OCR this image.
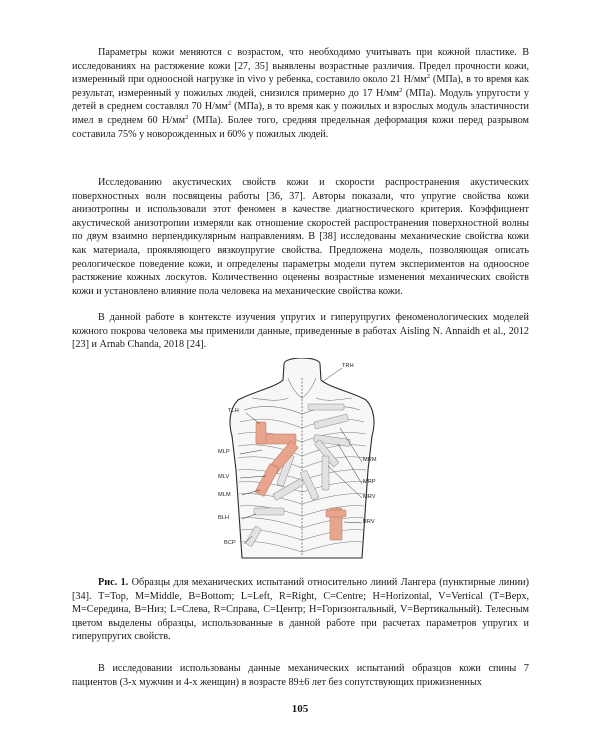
Параметры кожи меняются с возрастом, что необходимо учитывать при кожной пластике. В исследованиях на растяжение кожи [27, 35] выявлены возрастные различия. Предел прочности кожи, измеренный при одноосной нагрузке in vivo у ребенка, составило около 21 $Н/мм^2$ (МПа), в то время как результат, измеренный у пожилых людей, снизился примерно до 17 $Н/мм^2$ (МПа). Модуль упругости у детей в среднем составлял 70 $Н/мм^2$ (МПа), в то время как у пожилых и взрослых модуль эластичности имел в среднем 60 $Н/мм^2$ (МПа). Более того, средняя предельная деформация кожи перед разрывом составила 75% у новорожденных и 60% у пожилых людей.

Исследованию акустических свойств кожи и скорости распространения акустических поверхностных волн посвящены работы [36, 37]. Авторы показали, что упругие свойства кожи анизотропны и использовали этот феномен в качестве диагностического критерия. Коэффициент акустической анизотропии измеряли как отношение скоростей распространения поверхностной волны по двум взаимно перпендикулярным направлениям. В [38] исследованы механические свойства кожи как материала, проявляющего вязкоупругие свойства. Предложена модель, позволяющая описать реологическое поведение кожи, и определены параметры модели путем экспериментов на одноосное растяжение кожных лоскутов. Количественно оценены возрастные изменения механических свойств кожи и установлено влияние пола человека на механические свойства кожи.

В данной работе в контексте изучения упругих и гиперупругих феноменологических моделей кожного покрова человека мы применили данные, приведенные в работах Aisling N. Annaidh et al., 2012 [23] и Arnab Chanda, 2018 [24].

TLH
MLP
MLV
MLM
BLH
BCP
TRH
MRM
MRP
MRV
BRV

Рис. 1. Образцы для механических испытаний относительно линий Лангера (пунктирные линии) [34]. T=Top, M=Middle, B=Bottom; L=Left, R=Right, C=Centre; H=Horizontal, V=Vertical (T=Верх, M=Середина, B=Низ; L=Слева, R=Справа, C=Центр; H=Горизонтальный, V=Вертикальный). Телесным цветом выделены образцы, использованные в данной работе при расчетах параметров упругих и гиперупругих свойств.

В исследовании использованы данные механических испытаний образцов кожи спины 7 пациентов (3-х мужчин и 4-х женщин) в возрасте 89±6 лет без сопутствующих прижизненных

105
